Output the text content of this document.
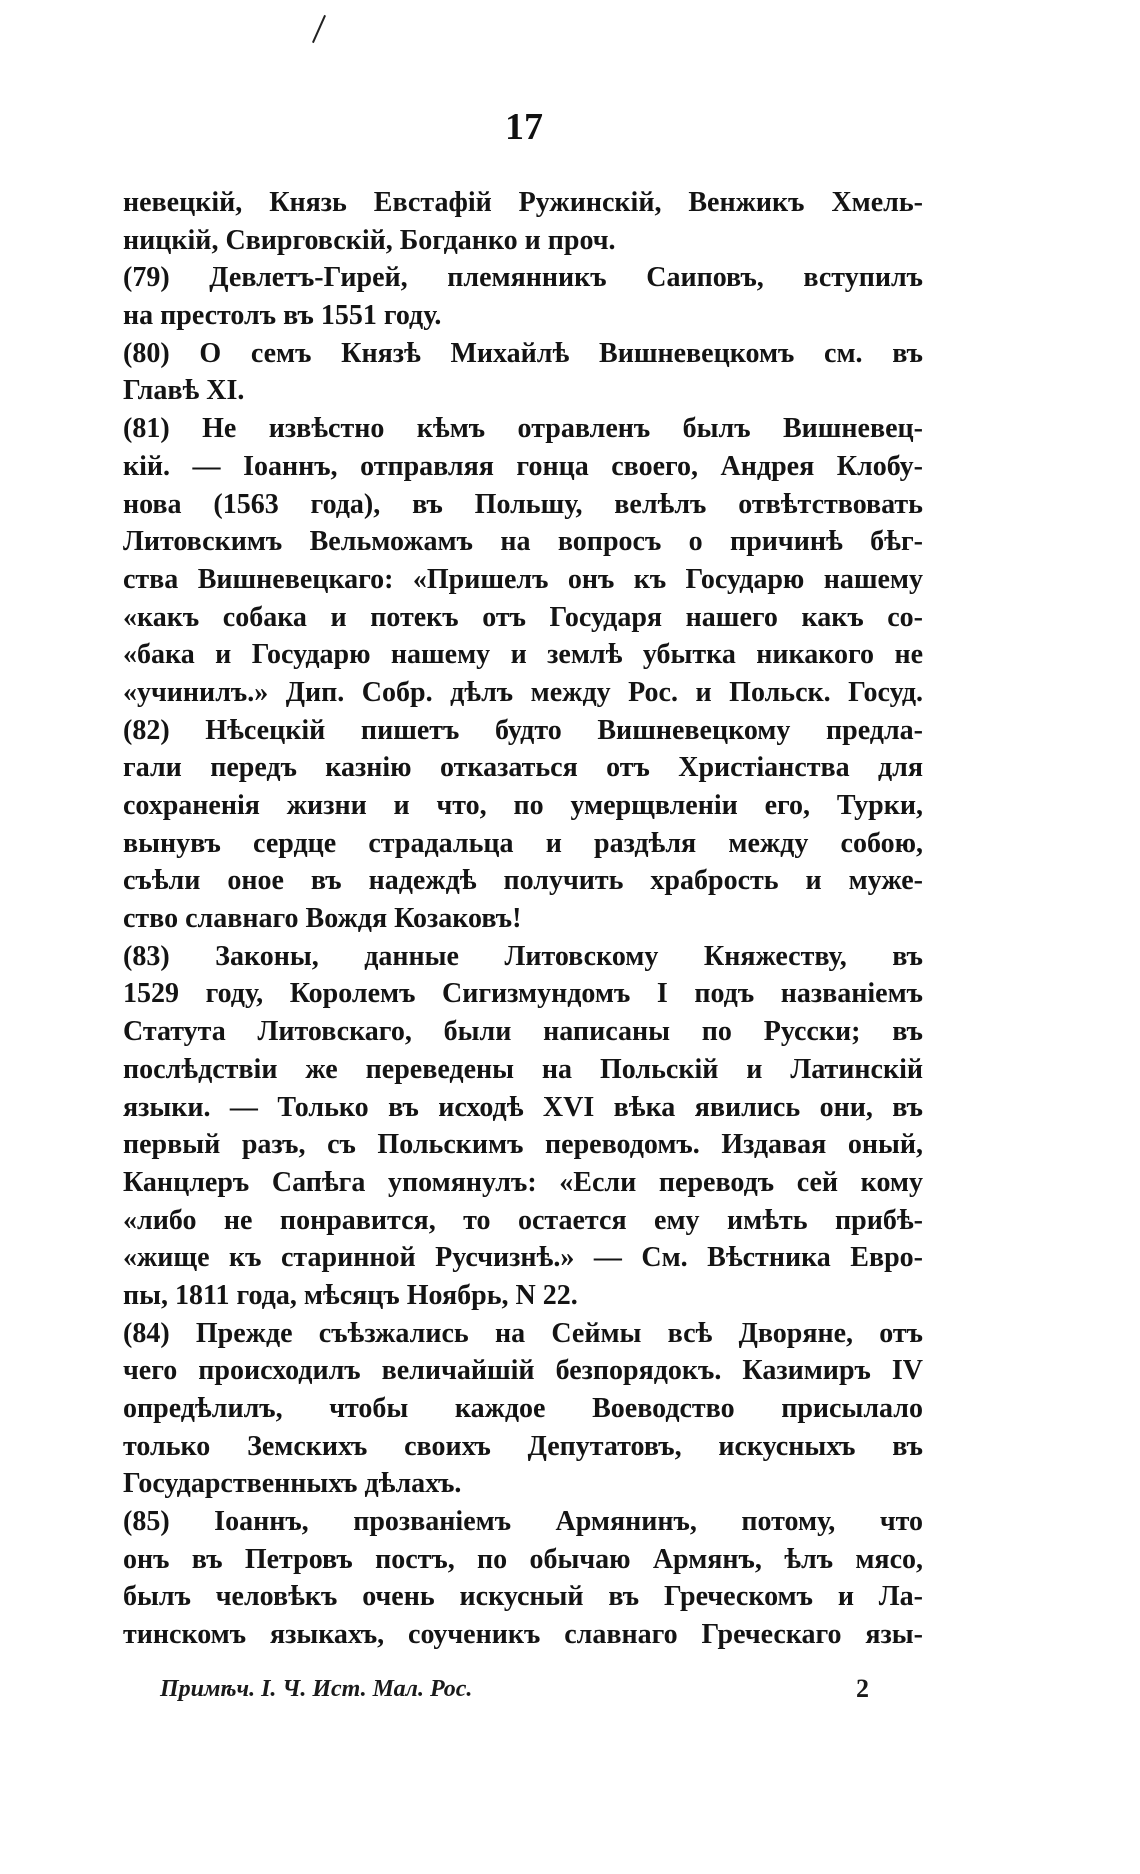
17
невецкій, Князь Евстафій Ружинскій, Венжикъ Хмель-
ницкій, Свирговскій, Богданко и проч.
(79) Девлетъ-Гирей, племянникъ Саиповъ, вступилъ
на престолъ въ 1551 году.
(80) О семъ Князѣ Михайлѣ Вишневецкомъ см. въ
Главѣ XI.
(81) Не извѣстно кѣмъ отравленъ былъ Вишневец-
кій. — Іоаннъ, отправляя гонца своего, Андрея Клобу-
нова (1563 года), въ Польшу, велѣлъ отвѣтствовать
Литовскимъ Вельможамъ на вопросъ о причинѣ бѣг-
ства Вишневецкаго: «Пришелъ онъ къ Государю нашему
«какъ собака и потекъ отъ Государя нашего какъ со-
«бака и Государю нашему и землѣ убытка никакого не
«учинилъ.» Дип. Собр. дѣлъ между Рос. и Польск. Госуд.
(82) Нѣсецкій пишетъ будто Вишневецкому предла-
гали передъ казнію отказаться отъ Христіанства для
сохраненія жизни и что, по умерщвленіи его, Турки,
вынувъ сердце страдальца и раздѣля между собою,
съѣли оное въ надеждѣ получить храбрость и муже-
ство славнаго Вождя Козаковъ!
(83) Законы, данные Литовскому Княжеству, въ
1529 году, Королемъ Сигизмундомъ I подъ названіемъ
Статута Литовскаго, были написаны по Русски; въ
послѣдствіи же переведены на Польскій и Латинскій
языки. — Только въ исходѣ XVI вѣка явились они, въ
первый разъ, съ Польскимъ переводомъ. Издавая оный,
Канцлеръ Сапѣга упомянулъ: «Если переводъ сей кому
«либо не понравится, то остается ему имѣть прибѣ-
«жище къ старинной Русчизнѣ.» — См. Вѣстника Евро-
пы, 1811 года, мѣсяцъ Ноябрь, N 22.
(84) Прежде съѣзжались на Сеймы всѣ Дворяне, отъ
чего происходилъ величайшій безпорядокъ. Казимиръ IV
опредѣлилъ, чтобы каждое Воеводство присылало
только Земскихъ своихъ Депутатовъ, искусныхъ въ
Государственныхъ дѣлахъ.
(85) Іоаннъ, прозваніемъ Армянинъ, потому, что
онъ въ Петровъ постъ, по обычаю Армянъ, ѣлъ мясо,
былъ человѣкъ очень искусный въ Греческомъ и Ла-
тинскомъ языкахъ, соученикъ славнаго Греческаго язы-
Примѣч. I. Ч. Ист. Мал. Рос.	2
